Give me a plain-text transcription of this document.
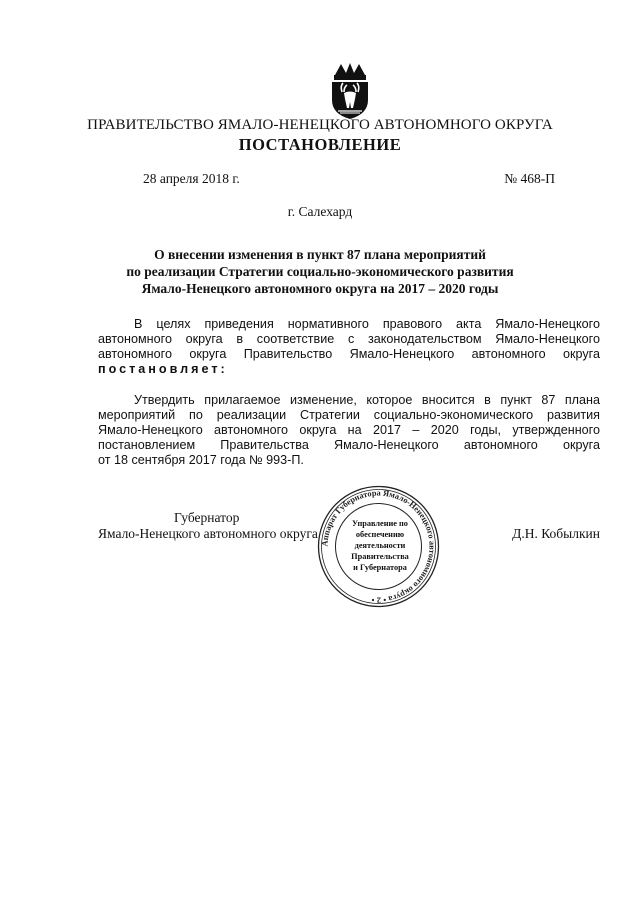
ПРАВИТЕЛЬСТВО ЯМАЛО-НЕНЕЦКОГО АВТОНОМНОГО ОКРУГА
ПОСТАНОВЛЕНИЕ
28 апреля 2018 г.	№ 468-П
г. Салехард
О внесении изменения в пункт 87 плана мероприятий
по реализации Стратегии социально-экономического развития
Ямало-Ненецкого автономного округа на 2017 – 2020 годы
В целях приведения нормативного правового акта Ямало-Ненецкого
автономного округа в соответствие с законодательством Ямало-Ненецкого
автономного округа Правительство Ямало-Ненецкого автономного округа
постановляет:
Утвердить прилагаемое изменение, которое вносится в пункт 87 плана
мероприятий по реализации Стратегии социально-экономического развития
Ямало-Ненецкого автономного округа на 2017 – 2020 годы, утвержденного
постановлением Правительства Ямало-Ненецкого автономного округа
от 18 сентября 2017 года № 993-П.
Губернатор
Ямало-Ненецкого автономного округа	Д.Н. Кобылкин
Аппарат Губернатора Ямало-Ненецкого автономного округа • 2 •
Управление по
обеспечению
деятельности
Правительства
и Губернатора
